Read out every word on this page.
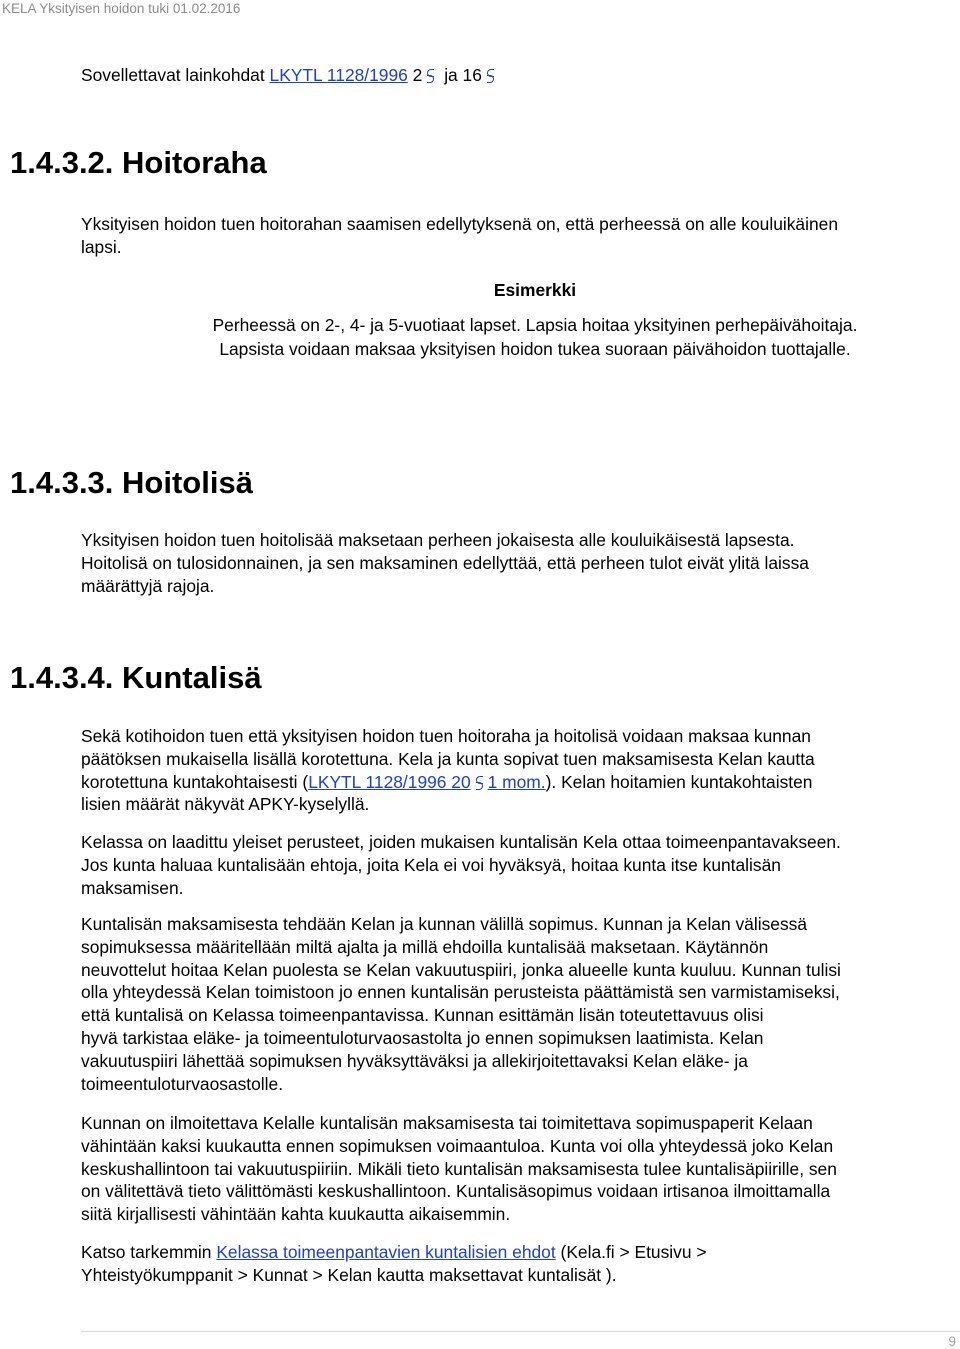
KELA Yksityisen hoidon tuki 01.02.2016
Sovellettavat lainkohdat LKYTL 1128/1996 2 ja 16
1.4.3.2. Hoitoraha
Yksityisen hoidon tuen hoitorahan saamisen edellytyksenä on, että perheessä on alle kouluikäinen
lapsi.
Esimerkki
Perheessä on 2-, 4- ja 5-vuotiaat lapset. Lapsia hoitaa yksityinen perhepäivähoitaja.
Lapsista voidaan maksaa yksityisen hoidon tukea suoraan päivähoidon tuottajalle.
1.4.3.3. Hoitolisä
Yksityisen hoidon tuen hoitolisää maksetaan perheen jokaisesta alle kouluikäisestä lapsesta.
Hoitolisä on tulosidonnainen, ja sen maksaminen edellyttää, että perheen tulot eivät ylitä laissa
määrättyjä rajoja.
1.4.3.4. Kuntalisä
Sekä kotihoidon tuen että yksityisen hoidon tuen hoitoraha ja hoitolisä voidaan maksaa kunnan
päätöksen mukaisella lisällä korotettuna. Kela ja kunta sopivat tuen maksamisesta Kelan kautta
korotettuna kuntakohtaisesti (LKYTL 1128/1996 20 1 mom.). Kelan hoitamien kuntakohtaisten
lisien määrät näkyvät APKY-kyselyllä.
Kelassa on laadittu yleiset perusteet, joiden mukaisen kuntalisän Kela ottaa toimeenpantavakseen.
Jos kunta haluaa kuntalisään ehtoja, joita Kela ei voi hyväksyä, hoitaa kunta itse kuntalisän
maksamisen.
Kuntalisän maksamisesta tehdään Kelan ja kunnan välillä sopimus. Kunnan ja Kelan välisessä
sopimuksessa määritellään miltä ajalta ja millä ehdoilla kuntalisää maksetaan. Käytännön
neuvottelut hoitaa Kelan puolesta se Kelan vakuutuspiiri, jonka alueelle kunta kuuluu. Kunnan tulisi
olla yhteydessä Kelan toimistoon jo ennen kuntalisän perusteista päättämistä sen varmistamiseksi,
että kuntalisä on Kelassa toimeenpantavissa. Kunnan esittämän lisän toteutettavuus olisi
hyvä tarkistaa eläke- ja toimeentuloturvaosastolta jo ennen sopimuksen laatimista. Kelan
vakuutuspiiri lähettää sopimuksen hyväksyttäväksi ja allekirjoitettavaksi Kelan eläke- ja
toimeentuloturvaosastolle.
Kunnan on ilmoitettava Kelalle kuntalisän maksamisesta tai toimitettava sopimuspaperit Kelaan
vähintään kaksi kuukautta ennen sopimuksen voimaantuloa. Kunta voi olla yhteydessä joko Kelan
keskushallintoon tai vakuutuspiiriin. Mikäli tieto kuntalisän maksamisesta tulee kuntalisäpiirille, sen
on välitettävä tieto välittömästi keskushallintoon. Kuntalisäsopimus voidaan irtisanoa ilmoittamalla
siitä kirjallisesti vähintään kahta kuukautta aikaisemmin.
Katso tarkemmin Kelassa toimeenpantavien kuntalisien ehdot (Kela.fi > Etusivu >
Yhteistyökumppanit > Kunnat > Kelan kautta maksettavat kuntalisät ).
9
